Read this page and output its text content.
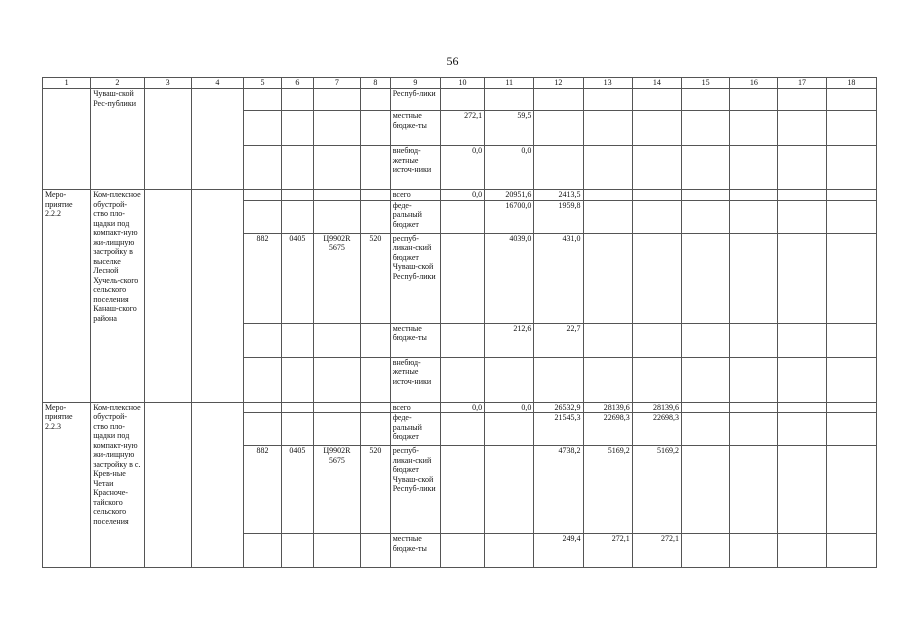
56
1	2	3	4	5	6	7	8	9	10	11	12	13	14	15	16	17	18
	Чуваш-ской Рес-публики							Респуб-лики									
								местные бюдже-ты	272,1	59,5							
								внебюд-жетные источ-ники	0,0	0,0							
Меро-приятие 2.2.2	Ком-плексное обустрой-ство пло-щадки под компакт-ную жи-лищную застройку в выселке Лесной Хучель-ского сельского поселения Канаш-ского района							всего	0,0	20951,6	2413,5						
								феде-ральный бюджет		16700,0	1959,8						
				882	0405	Ц9902R 5675	520	респуб-ликан-ский бюджет Чуваш-ской Респуб-лики		4039,0	431,0						
								местные бюдже-ты		212,6	22,7						
								внебюд-жетные источ-ники									
Меро-приятие 2.2.3	Ком-плексное обустрой-ство пло-щадки под компакт-ную жи-лищную застройку в с. Крев-ные Четаи Красноче-тайского сельского поселения							всего	0,0	0,0	26532,9	28139,6	28139,6				
								феде-ральный бюджет			21545,3	22698,3	22698,3				
				882	0405	Ц9902R 5675	520	респуб-ликан-ский бюджет Чуваш-ской Респуб-лики			4738,2	5169,2	5169,2				
								местные бюдже-ты			249,4	272,1	272,1				
